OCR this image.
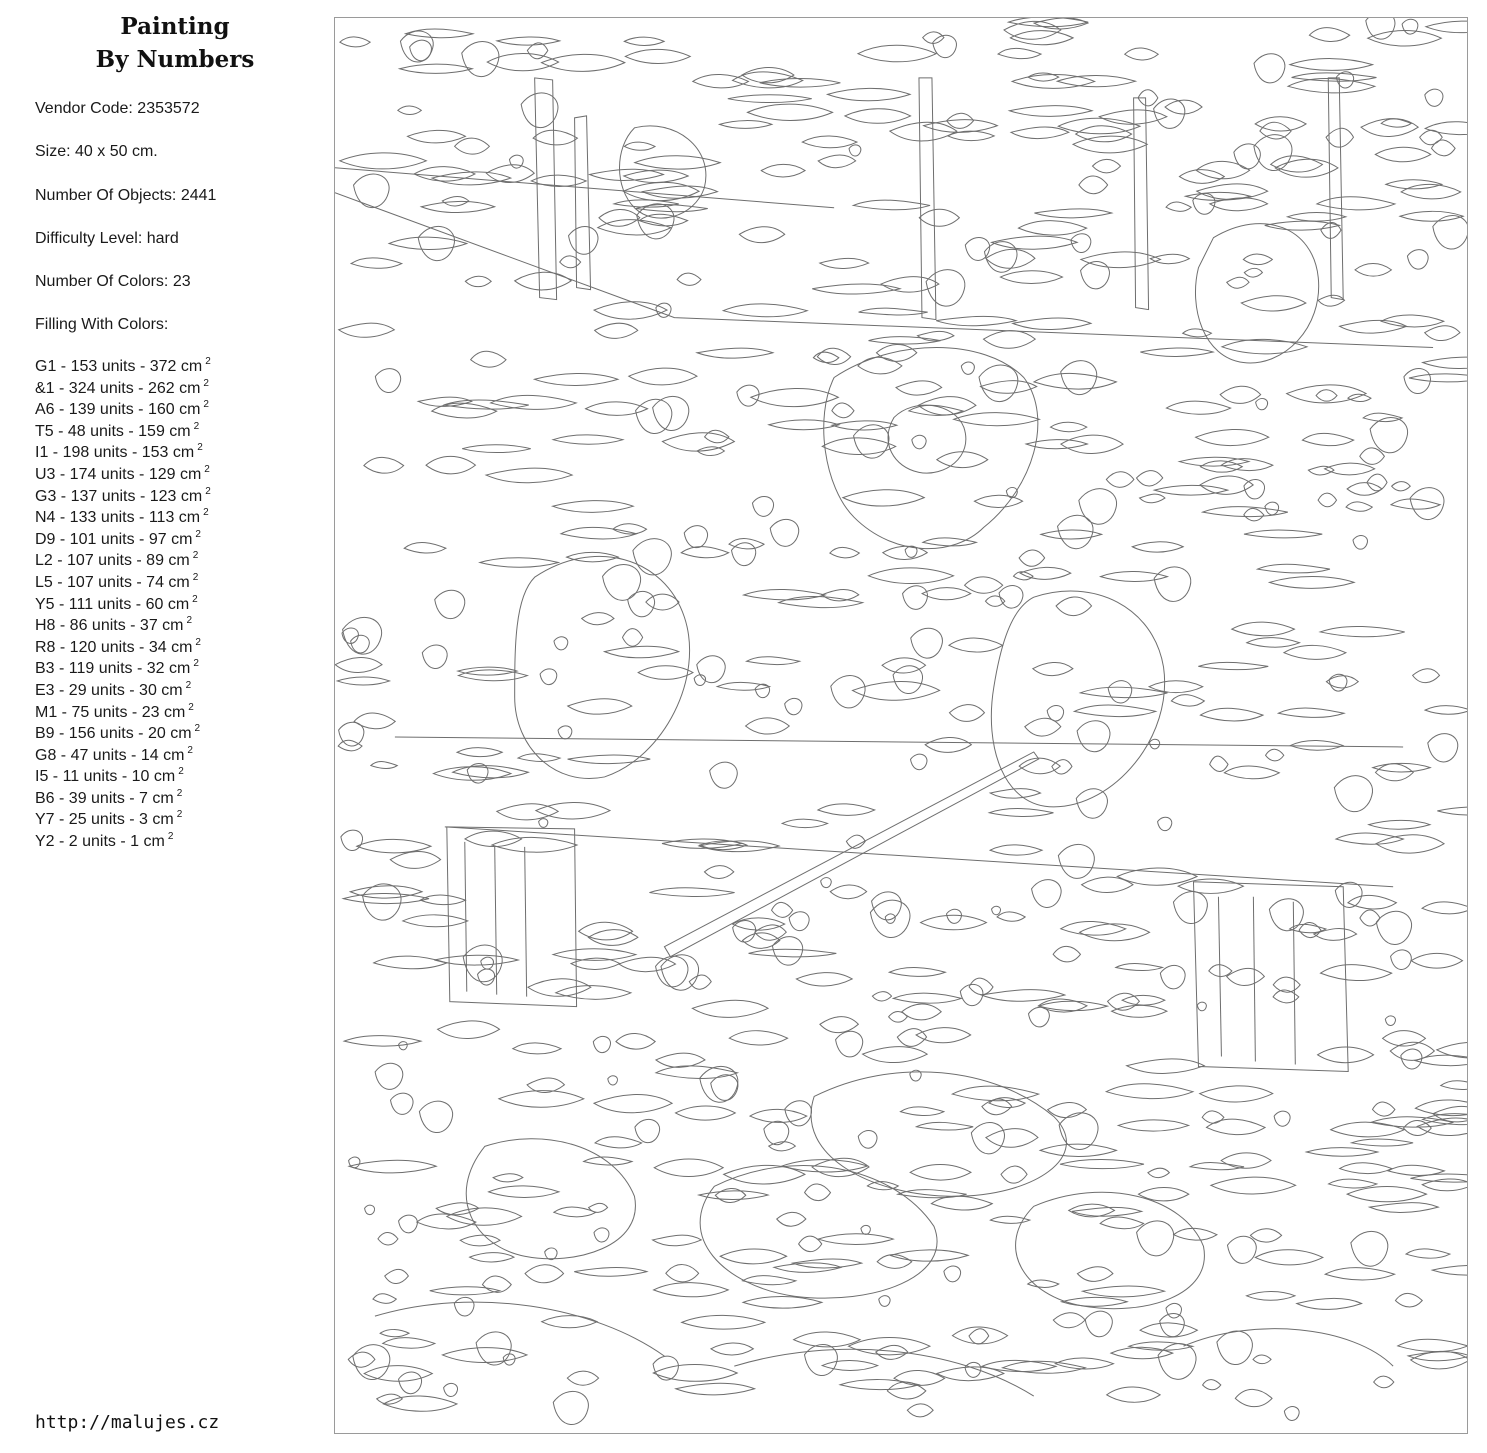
Painting
By Numbers
Vendor Code: 2353572
Size: 40 x 50 cm.
Number Of Objects: 2441
Difficulty Level: hard
Number Of Colors: 23
Filling With Colors:
G1 - 153 units - 372 cm $^2$
&1 - 324 units - 262 cm $^2$
A6 - 139 units - 160 cm $^2$
T5 - 48 units - 159 cm $^2$
I1 - 198 units - 153 cm $^2$
U3 - 174 units - 129 cm $^2$
G3 - 137 units - 123 cm $^2$
N4 - 133 units - 113 cm $^2$
D9 - 101 units - 97 cm $^2$
L2 - 107 units - 89 cm $^2$
L5 - 107 units - 74 cm $^2$
Y5 - 111 units - 60 cm $^2$
H8 - 86 units - 37 cm $^2$
R8 - 120 units - 34 cm $^2$
B3 - 119 units - 32 cm $^2$
E3 - 29 units - 30 cm $^2$
M1 - 75 units - 23 cm $^2$
B9 - 156 units - 20 cm $^2$
G8 - 47 units - 14 cm $^2$
I5 - 11 units - 10 cm $^2$
B6 - 39 units - 7 cm $^2$
Y7 - 25 units - 3 cm $^2$
Y2 - 2 units - 1 cm $^2$
http://malujes.cz
